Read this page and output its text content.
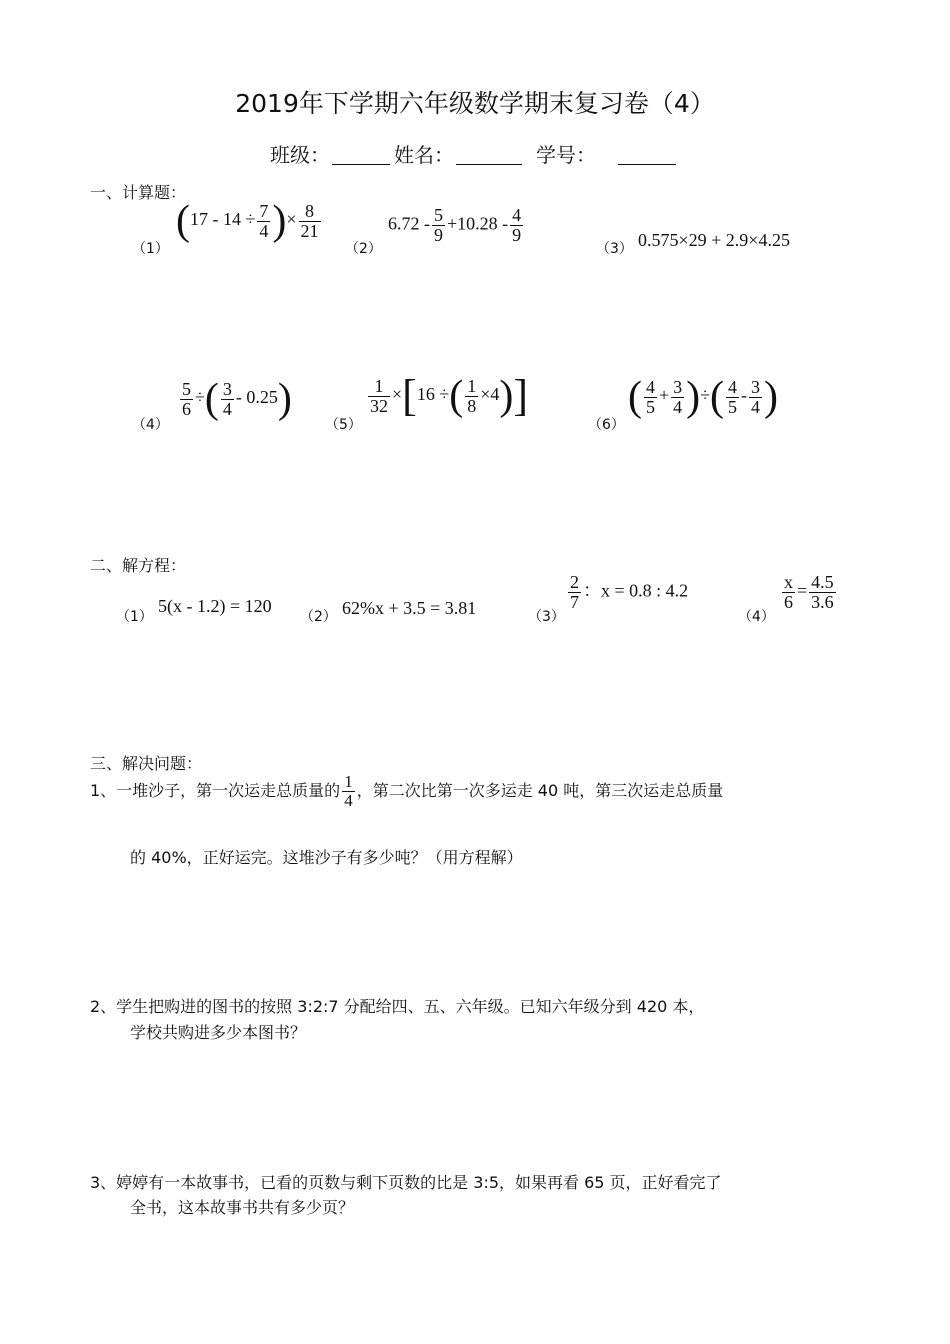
2019年下学期六年级数学期末复习卷（4）
班级：	姓名：	学号：
一、计算题：
（1）
($17 - 14 \div \frac{7}{4}$ )× $\frac{8}{21}$
（2）
$6.72 - \frac{5}{9} +10.28 - \frac{4}{9}$
（3） 0.575×29 + 2.9×4.25
（4）
$\frac{5}{6}$ ÷( $\frac{3}{4} - 0.25$)
（5）
$\frac{1}{32} \times[16$ ÷( $\frac{1}{8} \times 4$)]
（6）
( $\frac{4}{5} + \frac{3}{4}$ )÷( $\frac{4}{5} - \frac{3}{4}$ )
二、解方程：
（1）
5(x - 1.2) = 120
（2） 62%x + 3.5 = 3.81	（3）
$\frac{2}{7}$ ：x = 0.8 : 4.2
（4）
$\frac{x}{6} = \frac{4.5}{3.6}$
三、解决问题：
1、一堆沙子，第一次运走总质量的 $\frac{1}{4}$ ，第二次比第一次多运走 40 吨，第三次运走总质量
的 40%，正好运完。这堆沙子有多少吨？（用方程解）
2、学生把购进的图书的按照 3:2:7 分配给四、五、六年级。已知六年级分到 420 本，
学校共购进多少本图书？
3、婷婷有一本故事书，已看的页数与剩下页数的比是 3:5，如果再看 65 页，正好看完了
全书，这本故事书共有多少页？
